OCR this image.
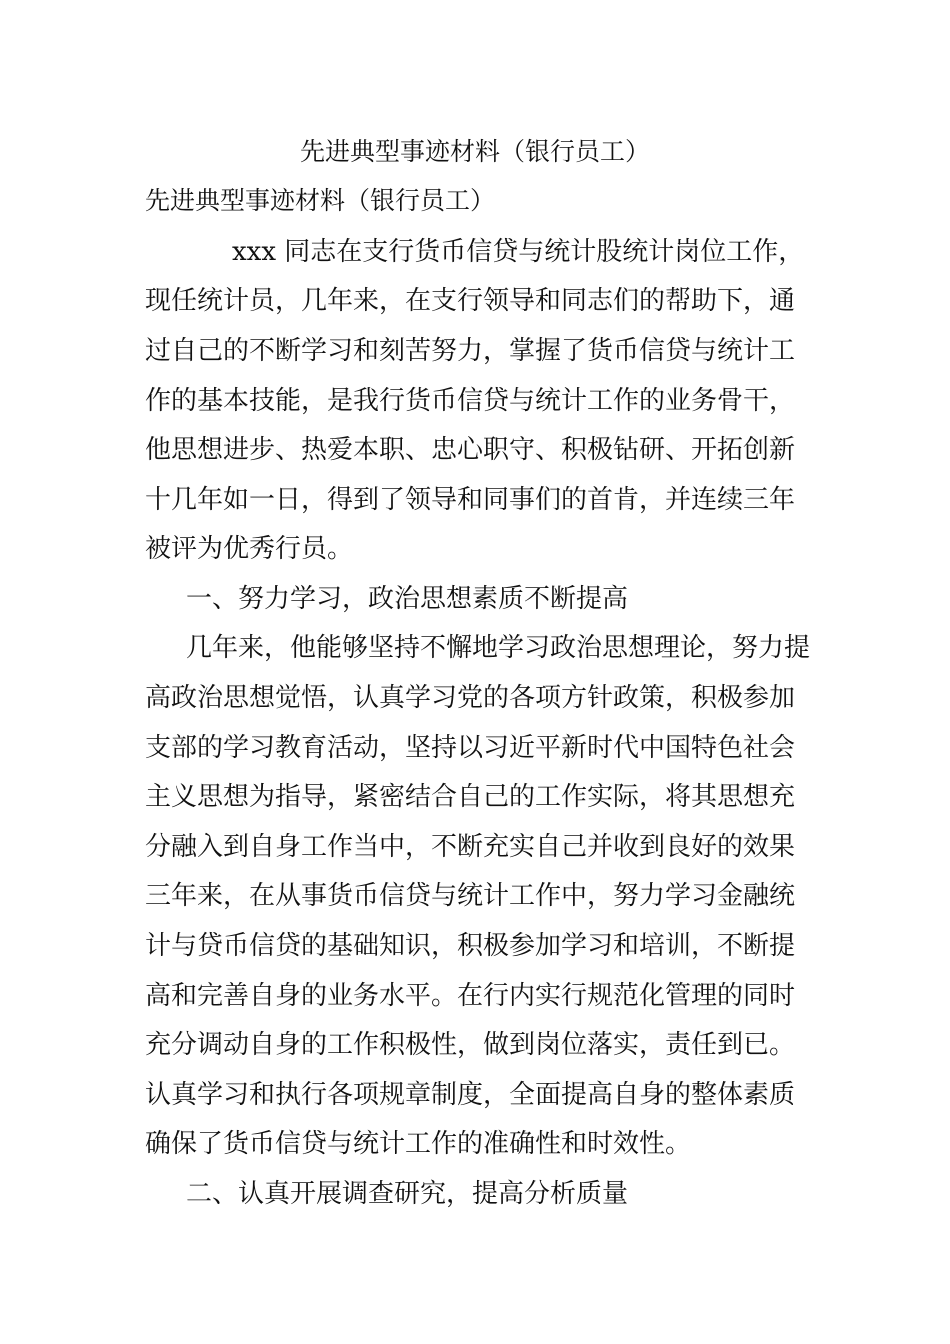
先进典型事迹材料（银行员工）
先进典型事迹材料（银行员工）
xxx 同志在支行货币信贷与统计股统计岗位工作，
现任统计员，几年来，在支行领导和同志们的帮助下，通
过自己的不断学习和刻苦努力，掌握了货币信贷与统计工
作的基本技能，是我行货币信贷与统计工作的业务骨干，
他思想进步、热爱本职、忠心职守、积极钻研、开拓创新
十几年如一日，得到了领导和同事们的首肯，并连续三年
被评为优秀行员。
一、努力学习，政治思想素质不断提高
几年来，他能够坚持不懈地学习政治思想理论，努力提
高政治思想觉悟，认真学习党的各项方针政策，积极参加
支部的学习教育活动，坚持以习近平新时代中国特色社会
主义思想为指导，紧密结合自己的工作实际，将其思想充
分融入到自身工作当中，不断充实自己并收到良好的效果
三年来，在从事货币信贷与统计工作中，努力学习金融统
计与贷币信贷的基础知识，积极参加学习和培训，不断提
高和完善自身的业务水平。在行内实行规范化管理的同时
充分调动自身的工作积极性，做到岗位落实，责任到已。
认真学习和执行各项规章制度，全面提高自身的整体素质
确保了货币信贷与统计工作的准确性和时效性。
二、认真开展调查研究，提高分析质量
